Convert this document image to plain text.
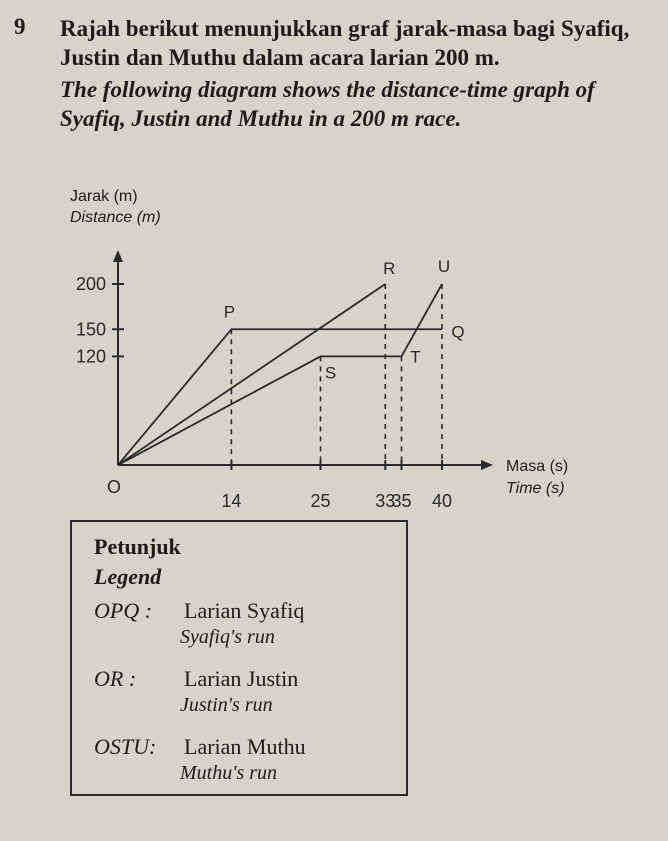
9 Rajah berikut menunjukkan graf jarak-masa bagi Syafiq, Justin dan Muthu dalam acara larian 200 m.

The following diagram shows the distance-time graph of Syafiq, Justin and Muthu in a 200 m race.

Jarak (m)
Distance (m)
Masa (s)
Time (s)
120
150
200
14	25 33
35 40
O
P
Q
R
S
T
U
Petunjuk
Legend
OPQ : Larian Syafiq
Syafiq's run
OR : Larian Justin
Justin's run
OSTU: Larian Muthu
Muthu's run
